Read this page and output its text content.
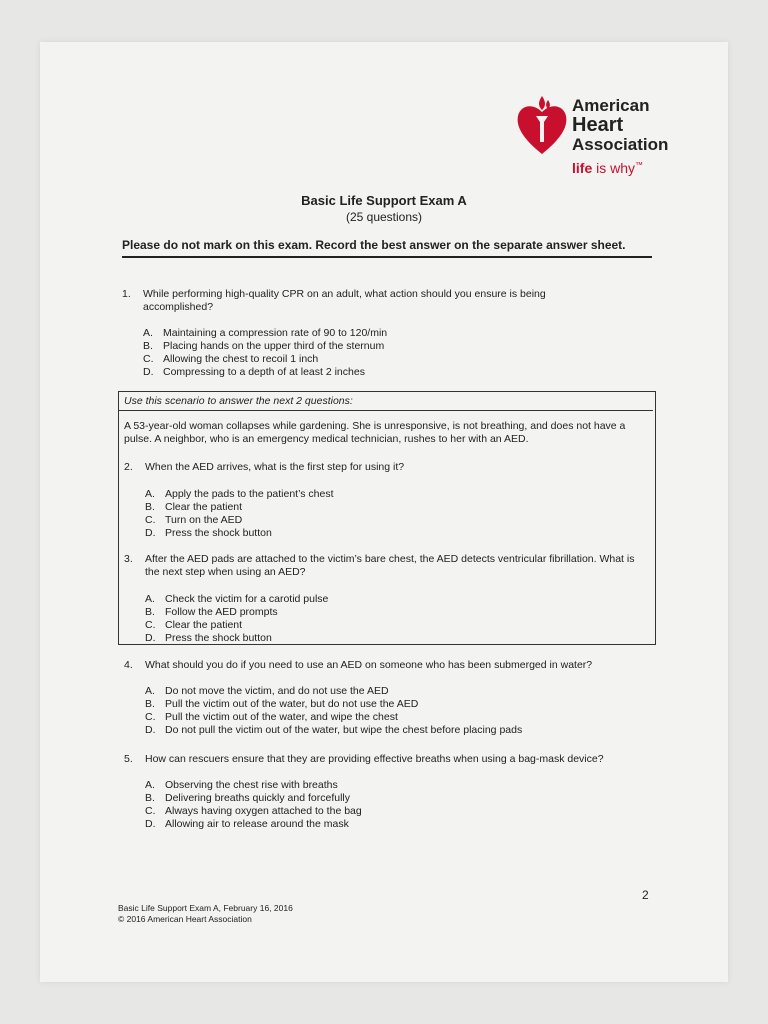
American
Heart
Association
life is why™
Basic Life Support Exam A
(25 questions)
Please do not mark on this exam. Record the best answer on the separate answer sheet.
1. While performing high-quality CPR on an adult, what action should you ensure is being accomplished?
A. Maintaining a compression rate of 90 to 120/min
B. Placing hands on the upper third of the sternum
C. Allowing the chest to recoil 1 inch
D. Compressing to a depth of at least 2 inches
Use this scenario to answer the next 2 questions:
A 53-year-old woman collapses while gardening. She is unresponsive, is not breathing, and does not have a pulse. A neighbor, who is an emergency medical technician, rushes to her with an AED.
2. When the AED arrives, what is the first step for using it?
A. Apply the pads to the patient’s chest
B. Clear the patient
C. Turn on the AED
D. Press the shock button
3. After the AED pads are attached to the victim’s bare chest, the AED detects ventricular fibrillation. What is the next step when using an AED?
A. Check the victim for a carotid pulse
B. Follow the AED prompts
C. Clear the patient
D. Press the shock button
4. What should you do if you need to use an AED on someone who has been submerged in water?
A. Do not move the victim, and do not use the AED
B. Pull the victim out of the water, but do not use the AED
C. Pull the victim out of the water, and wipe the chest
D. Do not pull the victim out of the water, but wipe the chest before placing pads
5. How can rescuers ensure that they are providing effective breaths when using a bag-mask device?
A. Observing the chest rise with breaths
B. Delivering breaths quickly and forcefully
C. Always having oxygen attached to the bag
D. Allowing air to release around the mask
2
Basic Life Support Exam A, February 16, 2016
© 2016 American Heart Association
